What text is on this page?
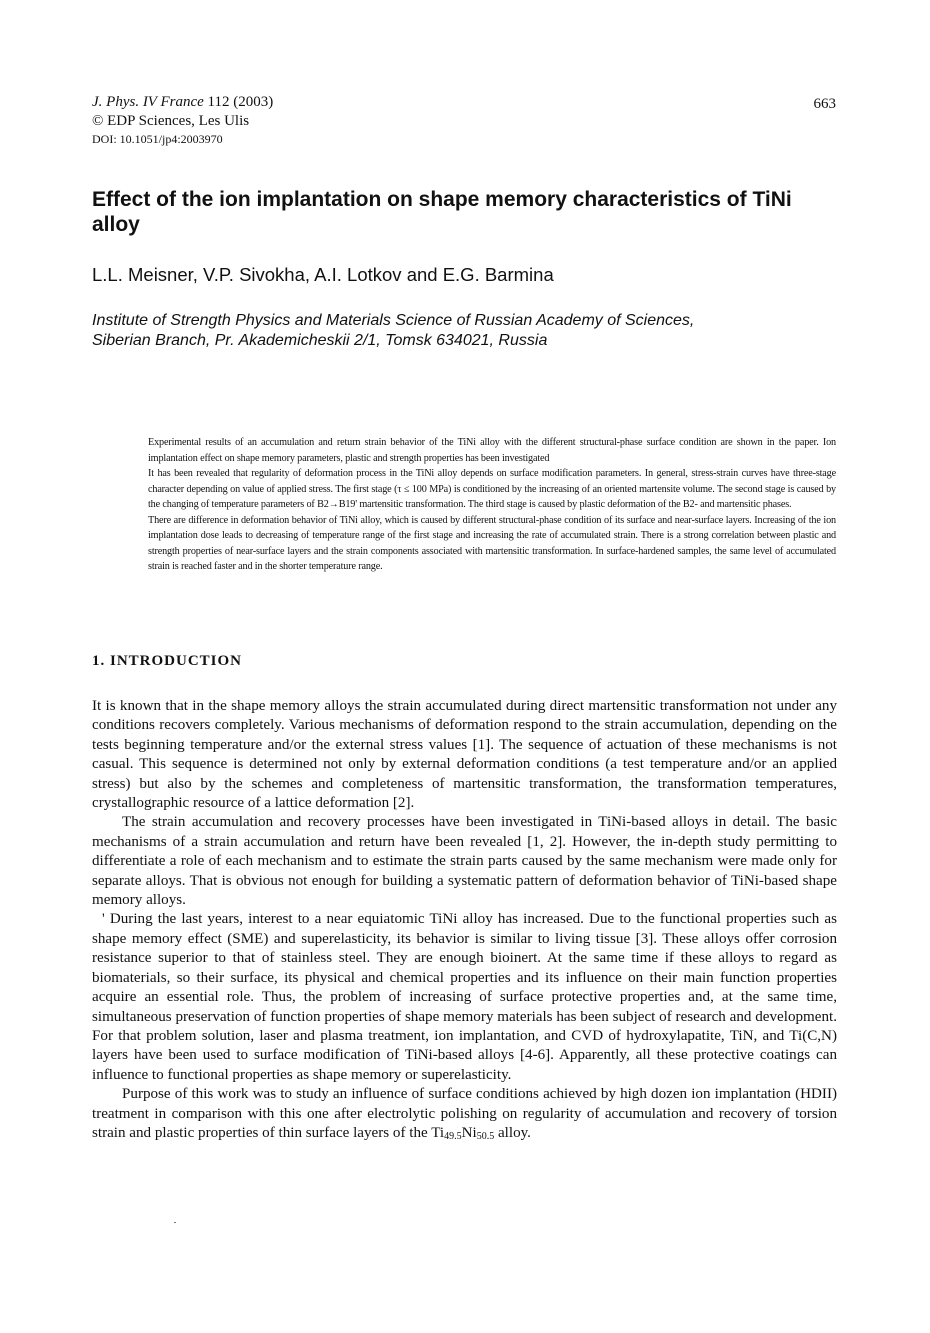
J. Phys. IV France 112 (2003)
© EDP Sciences, Les Ulis
DOI: 10.1051/jp4:2003970
663
Effect of the ion implantation on shape memory characteristics of TiNi alloy
L.L. Meisner, V.P. Sivokha, A.I. Lotkov and E.G. Barmina
Institute of Strength Physics and Materials Science of Russian Academy of Sciences,
Siberian Branch, Pr. Akademicheskii 2/1, Tomsk 634021, Russia

Experimental results of an accumulation and return strain behavior of the TiNi alloy with the different structural-phase surface condition are shown in the paper. Ion implantation effect on shape memory parameters, plastic and strength properties has been investigated

It has been revealed that regularity of deformation process in the TiNi alloy depends on surface modification parameters. In general, stress-strain curves have three-stage character depending on value of applied stress. The first stage (τ ≤ 100 MPa) is conditioned by the increasing of an oriented martensite volume. The second stage is caused by the changing of temperature parameters of B2→B19' martensitic transformation. The third stage is caused by plastic deformation of the B2- and martensitic phases.

There are difference in deformation behavior of TiNi alloy, which is caused by different structural-phase condition of its surface and near-surface layers. Increasing of the ion implantation dose leads to decreasing of temperature range of the first stage and increasing the rate of accumulated strain. There is a strong correlation between plastic and strength properties of near-surface layers and the strain components associated with martensitic transformation. In surface-hardened samples, the same level of accumulated strain is reached faster and in the shorter temperature range.

1. INTRODUCTION

It is known that in the shape memory alloys the strain accumulated during direct martensitic transformation not under any conditions recovers completely. Various mechanisms of deformation respond to the strain accumulation, depending on the tests beginning temperature and/or the external stress values [1]. The sequence of actuation of these mechanisms is not casual. This sequence is determined not only by external deformation conditions (a test temperature and/or an applied stress) but also by the schemes and completeness of martensitic transformation, the transformation temperatures, crystallographic resource of a lattice deformation [2].

The strain accumulation and recovery processes have been investigated in TiNi-based alloys in detail. The basic mechanisms of a strain accumulation and return have been revealed [1, 2]. However, the in-depth study permitting to differentiate a role of each mechanism and to estimate the strain parts caused by the same mechanism were made only for separate alloys. That is obvious not enough for building a systematic pattern of deformation behavior of TiNi-based shape memory alloys.

' During the last years, interest to a near equiatomic TiNi alloy has increased. Due to the functional properties such as shape memory effect (SME) and superelasticity, its behavior is similar to living tissue [3]. These alloys offer corrosion resistance superior to that of stainless steel. They are enough bioinert. At the same time if these alloys to regard as biomaterials, so their surface, its physical and chemical properties and its influence on their main function properties acquire an essential role. Thus, the problem of increasing of surface protective properties and, at the same time, simultaneous preservation of function properties of shape memory materials has been subject of research and development. For that problem solution, laser and plasma treatment, ion implantation, and CVD of hydroxylapatite, TiN, and Ti(C,N) layers have been used to surface modification of TiNi-based alloys [4-6]. Apparently, all these protective coatings can influence to functional properties as shape memory or superelasticity.

Purpose of this work was to study an influence of surface conditions achieved by high dozen ion implantation (HDII) treatment in comparison with this one after electrolytic polishing on regularity of accumulation and recovery of torsion strain and plastic properties of thin surface layers of the $Ti_{49.5}Ni_{50.5}$ alloy.
